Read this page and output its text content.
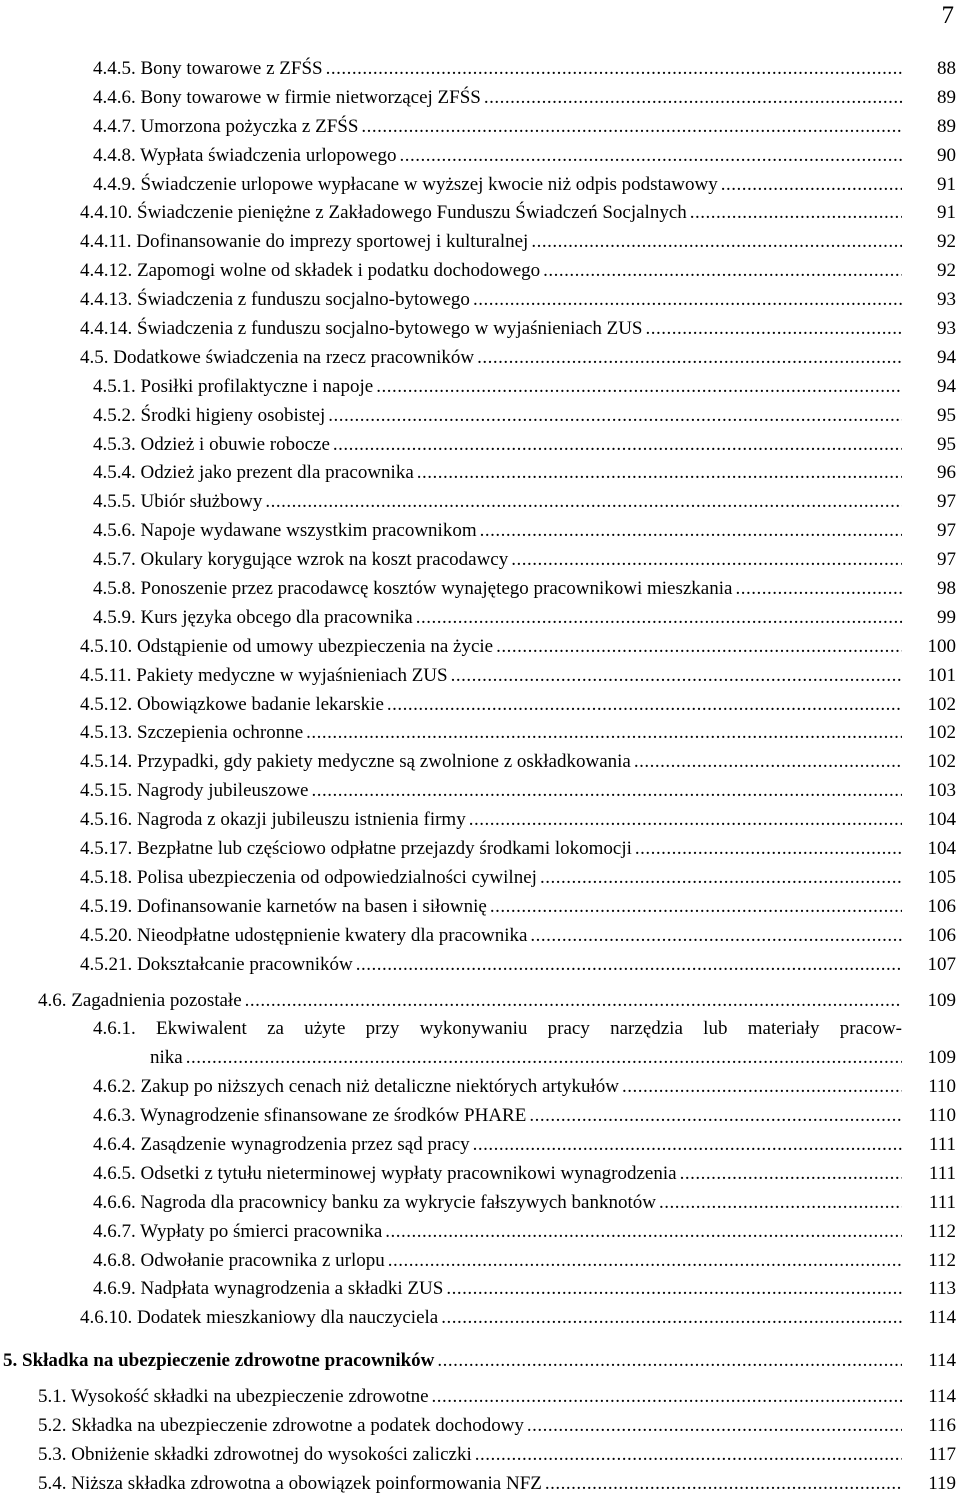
7
4.4.5. Bony towarowe z ZFŚS .....	88
4.4.6. Bony towarowe w firmie nietworzącej ZFŚS .....	89
4.4.7. Umorzona pożyczka z ZFŚS .....	89
4.4.8. Wypłata świadczenia urlopowego .....	90
4.4.9. Świadczenie urlopowe wypłacane w wyższej kwocie niż odpis podstawowy .....	91
4.4.10. Świadczenie pieniężne z Zakładowego Funduszu Świadczeń Socjalnych .....	91
4.4.11. Dofinansowanie do imprezy sportowej i kulturalnej .....	92
4.4.12. Zapomogi wolne od składek i podatku dochodowego .....	92
4.4.13. Świadczenia z funduszu socjalno-bytowego .....	93
4.4.14. Świadczenia z funduszu socjalno-bytowego w wyjaśnieniach ZUS .....	93
4.5. Dodatkowe świadczenia na rzecz pracowników .....	94
4.5.1. Posiłki profilaktyczne i napoje .....	94
4.5.2. Środki higieny osobistej .....	95
4.5.3. Odzież i obuwie robocze .....	95
4.5.4. Odzież jako prezent dla pracownika .....	96
4.5.5. Ubiór służbowy .....	97
4.5.6. Napoje wydawane wszystkim pracownikom .....	97
4.5.7. Okulary korygujące wzrok na koszt pracodawcy .....	97
4.5.8. Ponoszenie przez pracodawcę kosztów wynajętego pracownikowi mieszkania .....	98
4.5.9. Kurs języka obcego dla pracownika .....	99
4.5.10. Odstąpienie od umowy ubezpieczenia na życie .....	100
4.5.11. Pakiety medyczne w wyjaśnieniach ZUS .....	101
4.5.12. Obowiązkowe badanie lekarskie .....	102
4.5.13. Szczepienia ochronne .....	102
4.5.14. Przypadki, gdy pakiety medyczne są zwolnione z oskładkowania .....	102
4.5.15. Nagrody jubileuszowe .....	103
4.5.16. Nagroda z okazji jubileuszu istnienia firmy .....	104
4.5.17. Bezpłatne lub częściowo odpłatne przejazdy środkami lokomocji .....	104
4.5.18. Polisa ubezpieczenia od odpowiedzialności cywilnej .....	105
4.5.19. Dofinansowanie karnetów na basen i siłownię .....	106
4.5.20. Nieodpłatne udostępnienie kwatery dla pracownika .....	106
4.5.21. Dokształcanie pracowników .....	107
4.6. Zagadnienia pozostałe .....	109
4.6.1. Ekwiwalent za użyte przy wykonywaniu pracy narzędzia lub materiały pracow-
nika .....	109
4.6.2. Zakup po niższych cenach niż detaliczne niektórych artykułów .....	110
4.6.3. Wynagrodzenie sfinansowane ze środków PHARE .....	110
4.6.4. Zasądzenie wynagrodzenia przez sąd pracy .....	111
4.6.5. Odsetki z tytułu nieterminowej wypłaty pracownikowi wynagrodzenia .....	111
4.6.6. Nagroda dla pracownicy banku za wykrycie fałszywych banknotów .....	111
4.6.7. Wypłaty po śmierci pracownika .....	112
4.6.8. Odwołanie pracownika z urlopu .....	112
4.6.9. Nadpłata wynagrodzenia a składki ZUS .....	113
4.6.10. Dodatek mieszkaniowy dla nauczyciela .....	114
5. Składka na ubezpieczenie zdrowotne pracowników .....	114
5.1. Wysokość składki na ubezpieczenie zdrowotne .....	114
5.2. Składka na ubezpieczenie zdrowotne a podatek dochodowy .....	116
5.3. Obniżenie składki zdrowotnej do wysokości zaliczki .....	117
5.4. Niższa składka zdrowotna a obowiązek poinformowania NFZ .....	119
